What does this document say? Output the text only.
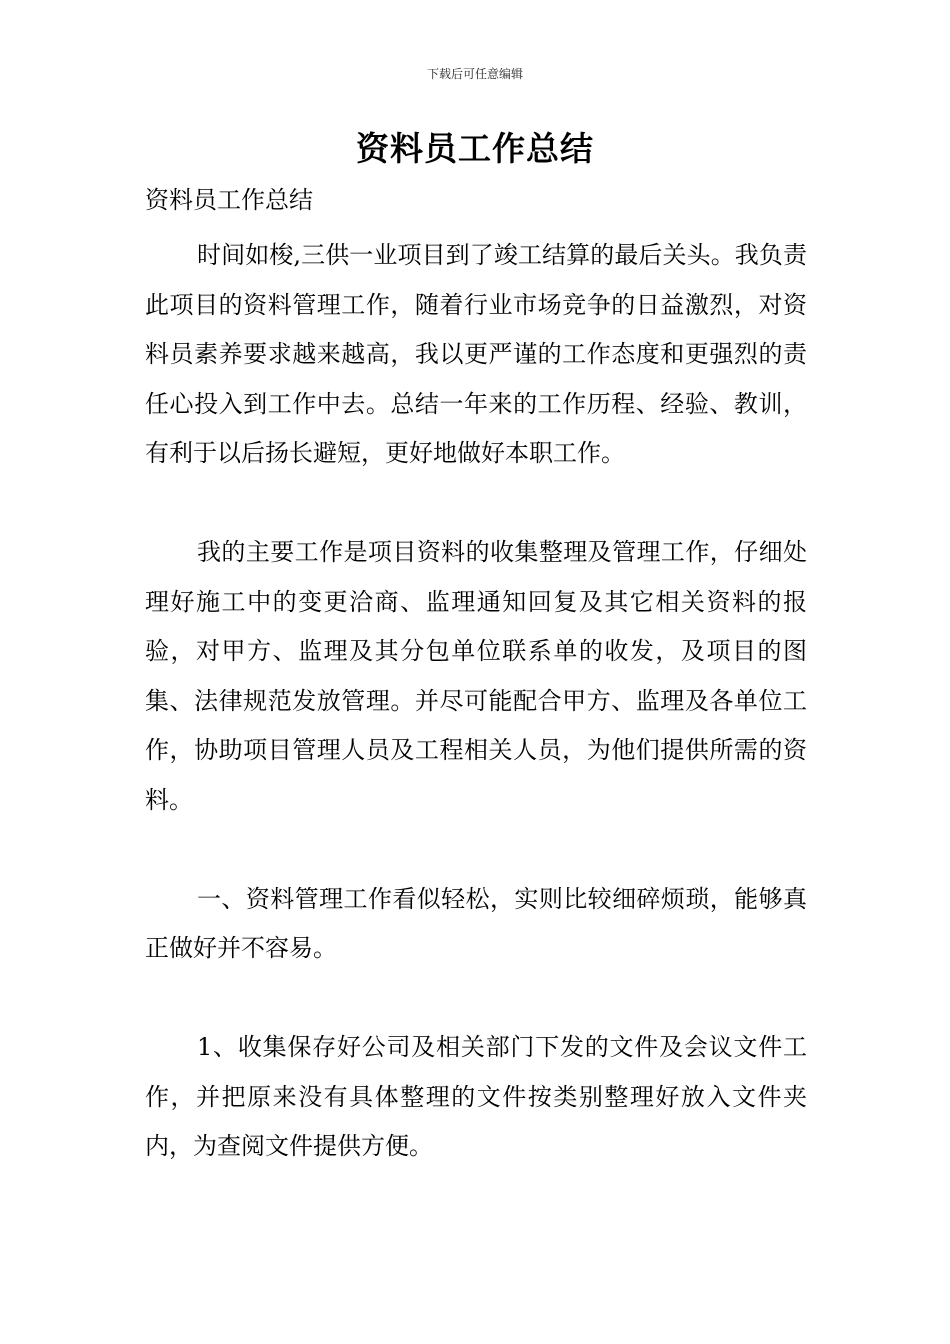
下载后可任意编辑
资料员工作总结

资料员工作总结

时间如梭,三供一业项目到了竣工结算的最后关头。我负责此项目的资料管理工作，随着行业市场竞争的日益激烈，对资料员素养要求越来越高，我以更严谨的工作态度和更强烈的责任心投入到工作中去。总结一年来的工作历程、经验、教训，有利于以后扬长避短，更好地做好本职工作。

我的主要工作是项目资料的收集整理及管理工作，仔细处理好施工中的变更洽商、监理通知回复及其它相关资料的报验，对甲方、监理及其分包单位联系单的收发，及项目的图集、法律规范发放管理。并尽可能配合甲方、监理及各单位工作，协助项目管理人员及工程相关人员，为他们提供所需的资料。

一、资料管理工作看似轻松，实则比较细碎烦琐，能够真正做好并不容易。

1、收集保存好公司及相关部门下发的文件及会议文件工作，并把原来没有具体整理的文件按类别整理好放入文件夹内，为查阅文件提供方便。
